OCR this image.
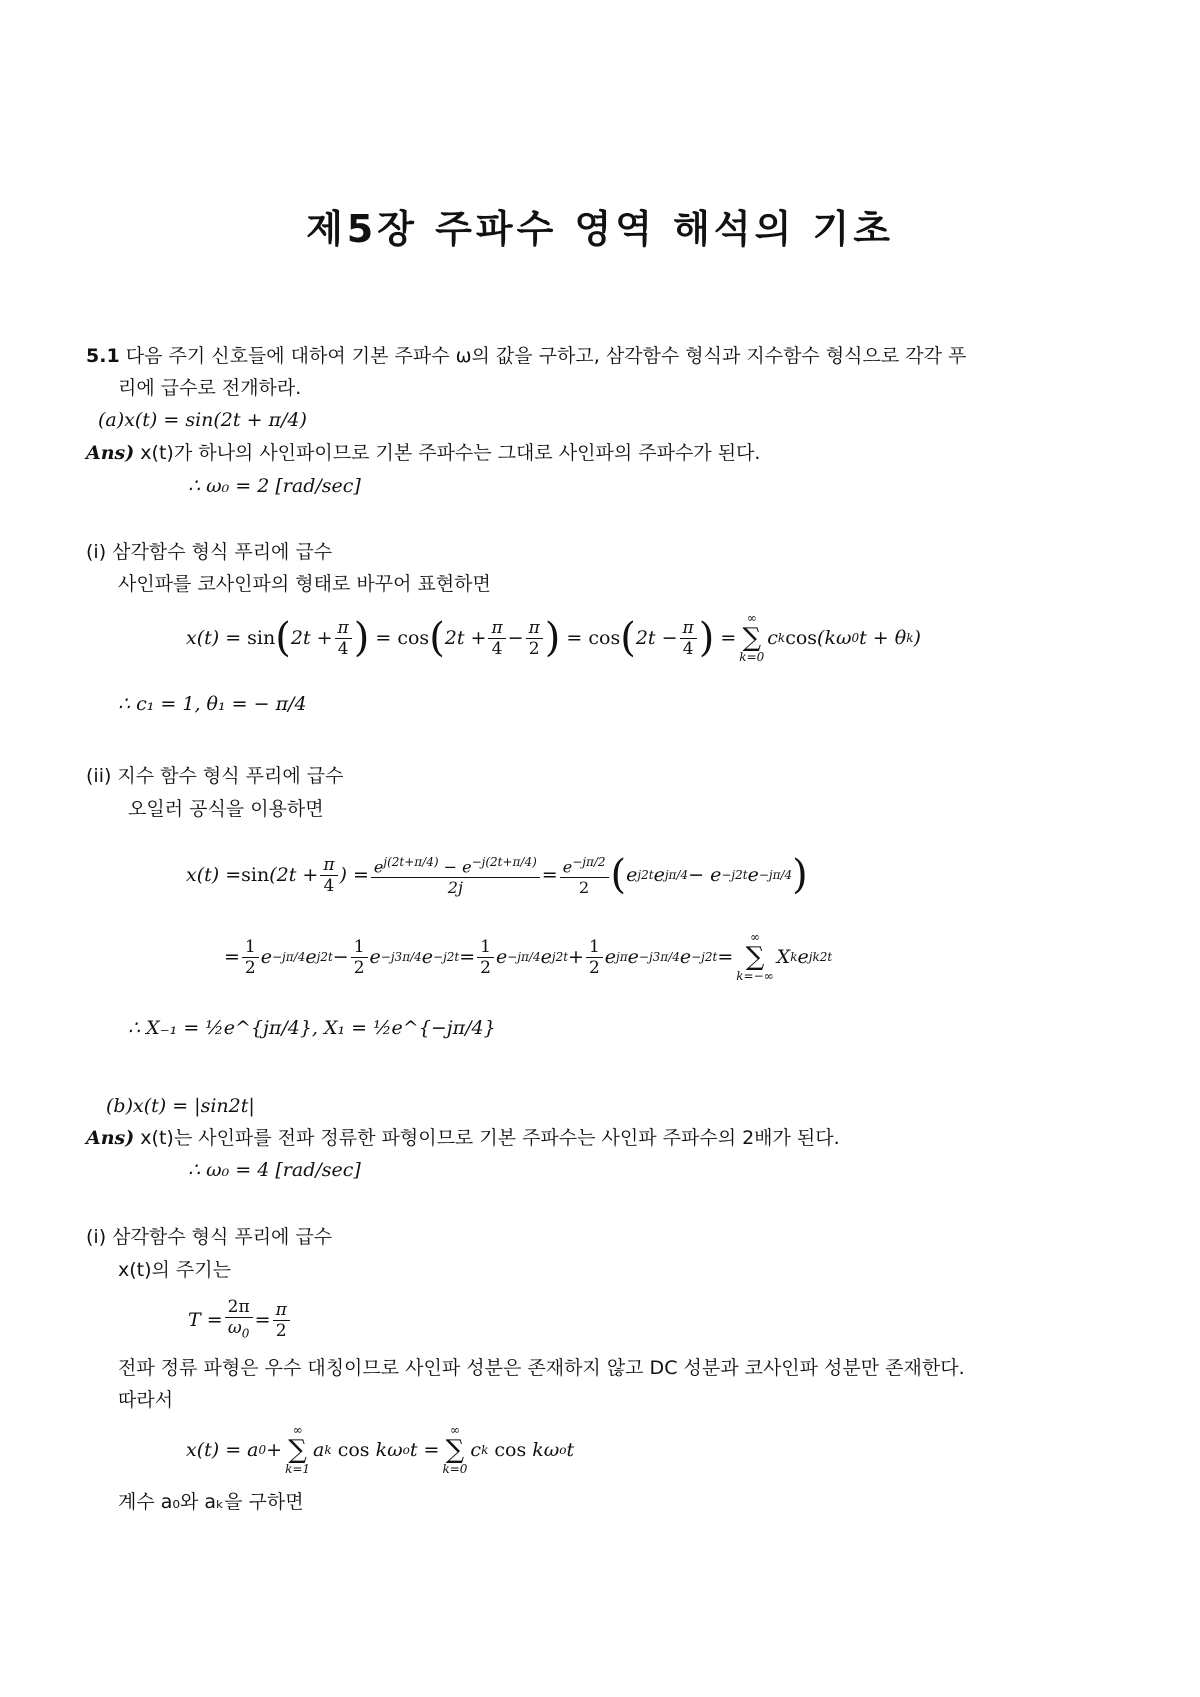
제5장 주파수 영역 해석의 기초
5.1 다음 주기 신호들에 대하여 기본 주파수 ω의 값을 구하고, 삼각함수 형식과 지수함수 형식으로 각각 푸
리에 급수로 전개하라.
(a)x(t) = sin(2t + π/4)
Ans) x(t)가 하나의 사인파이므로 기본 주파수는 그대로 사인파의 주파수가 된다.
∴ ω₀ = 2 [rad/sec]
(i) 삼각함수 형식 푸리에 급수
사인파를 코사인파의 형태로 바꾸어 표현하면
x(t) = sin ( $2t + \frac{\pi}{4}$ ) = cos ( $2t + \frac{\pi}{4} - \frac{\pi}{2}$ ) = cos ( $2t - \frac{\pi}{4}$ ) =
∞
∑
k=0
c k cos (kω 0 t + θ k )
∴ c₁ = 1, θ₁ = − π/4
(ii) 지수 함수 형식 푸리에 급수
오일러 공식을 이용하면
$x(t) = \sin (2t + \frac{\pi}{4}$ ) = $\frac{e^{j(2t+\pi/4)} - e^{-j(2t+\pi/4)}}{2j} = \frac{e^{-j\pi/2}}{2}$ ( e j2t e jπ/4 − e −j2t e −jπ/4 )
= $\frac{1}{2}$ e −jπ/4 e $j2t - \frac{1}{2}$ e −j3π/4 $e -j2t = \frac{1}{2}$ e −jπ/4 e $j2t + \frac{1}{2}$ e jπ e −j3π/4 e −j2t =
∞
∑
k=−∞
X k e jk2t
∴ X₋₁ = ½e^{jπ/4}, X₁ = ½e^{−jπ/4}
(b)x(t) = |sin2t|
Ans) x(t)는 사인파를 전파 정류한 파형이므로 기본 주파수는 사인파 주파수의 2배가 된다.
∴ ω₀ = 4 [rad/sec]
(i) 삼각함수 형식 푸리에 급수
x(t)의 주기는
$T = \frac{2\pi}{\omega_0} = \frac{\pi}{2}$
전파 정류 파형은 우수 대칭이므로 사인파 성분은 존재하지 않고 DC 성분과 코사인파 성분만 존재한다.
따라서
x(t) = a 0 +
∞
∑
k=1
a k cos kω o t =
∞
∑
k=0
c k cos kω o t
계수 a₀와 aₖ을 구하면
